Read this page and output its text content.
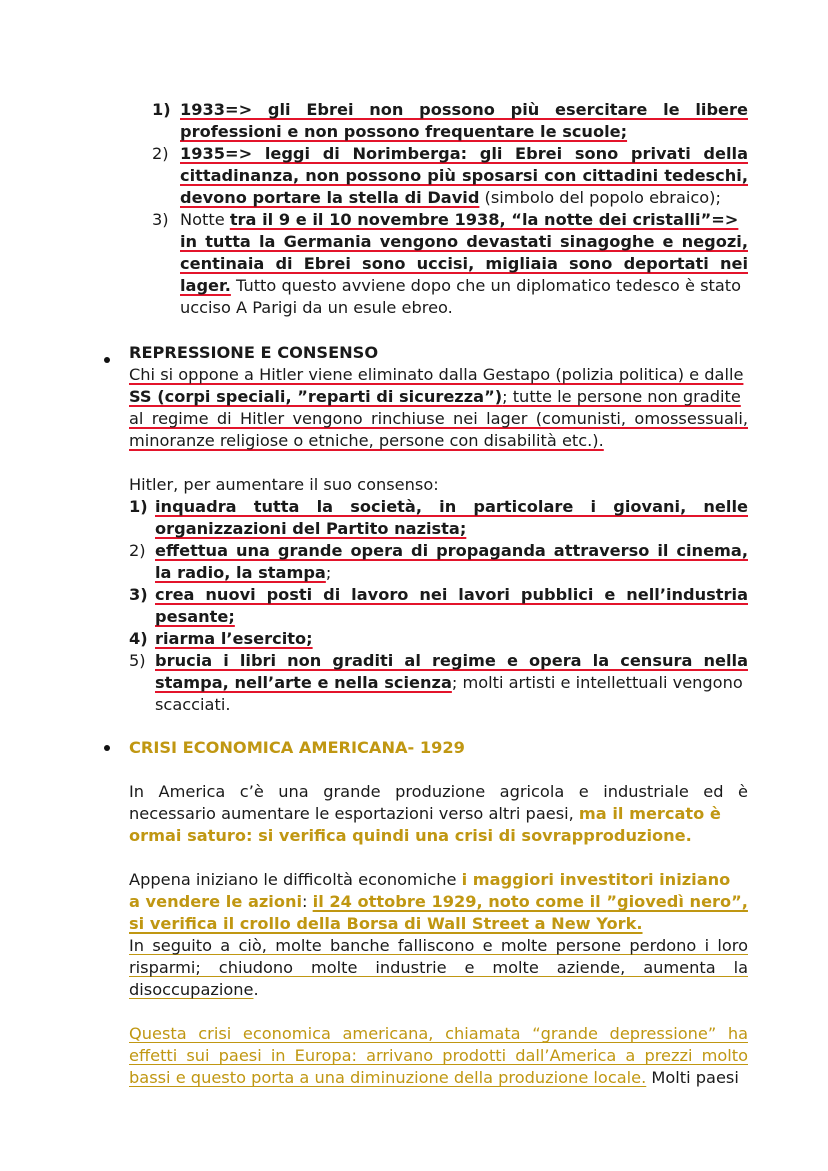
1) 1933=> gli Ebrei non possono più esercitare le libere
professioni e non possono frequentare le scuole;
2) 1935=> leggi di Norimberga: gli Ebrei sono privati della
cittadinanza, non possono più sposarsi con cittadini tedeschi,
devono portare la stella di David (simbolo del popolo ebraico);
3) Notte tra il 9 e il 10 novembre 1938, “la notte dei cristalli”=>
in tutta la Germania vengono devastati sinagoghe e negozi,
centinaia di Ebrei sono uccisi, migliaia sono deportati nei
lager. Tutto questo avviene dopo che un diplomatico tedesco è stato
ucciso A Parigi da un esule ebreo.
REPRESSIONE E CONSENSO
Chi si oppone a Hitler viene eliminato dalla Gestapo (polizia politica) e dalle
SS (corpi speciali, ”reparti di sicurezza”); tutte le persone non gradite
al regime di Hitler vengono rinchiuse nei lager (comunisti, omossessuali,
minoranze religiose o etniche, persone con disabilità etc.).
Hitler, per aumentare il suo consenso:
1) inquadra tutta la società, in particolare i giovani, nelle
organizzazioni del Partito nazista;
2) effettua una grande opera di propaganda attraverso il cinema,
la radio, la stampa;
3) crea nuovi posti di lavoro nei lavori pubblici e nell’industria
pesante;
4) riarma l’esercito;
5) brucia i libri non graditi al regime e opera la censura nella
stampa, nell’arte e nella scienza; molti artisti e intellettuali vengono
scacciati.
CRISI ECONOMICA AMERICANA- 1929
In America c’è una grande produzione agricola e industriale ed è
necessario aumentare le esportazioni verso altri paesi, ma il mercato è
ormai saturo: si verifica quindi una crisi di sovrapproduzione.
Appena iniziano le difficoltà economiche i maggiori investitori iniziano
a vendere le azioni: il 24 ottobre 1929, noto come il ”giovedì nero”,
si verifica il crollo della Borsa di Wall Street a New York.
In seguito a ciò, molte banche falliscono e molte persone perdono i loro
risparmi; chiudono molte industrie e molte aziende, aumenta la
disoccupazione.
Questa crisi economica americana, chiamata “grande depressione” ha
effetti sui paesi in Europa: arrivano prodotti dall’America a prezzi molto
bassi e questo porta a una diminuzione della produzione locale. Molti paesi
